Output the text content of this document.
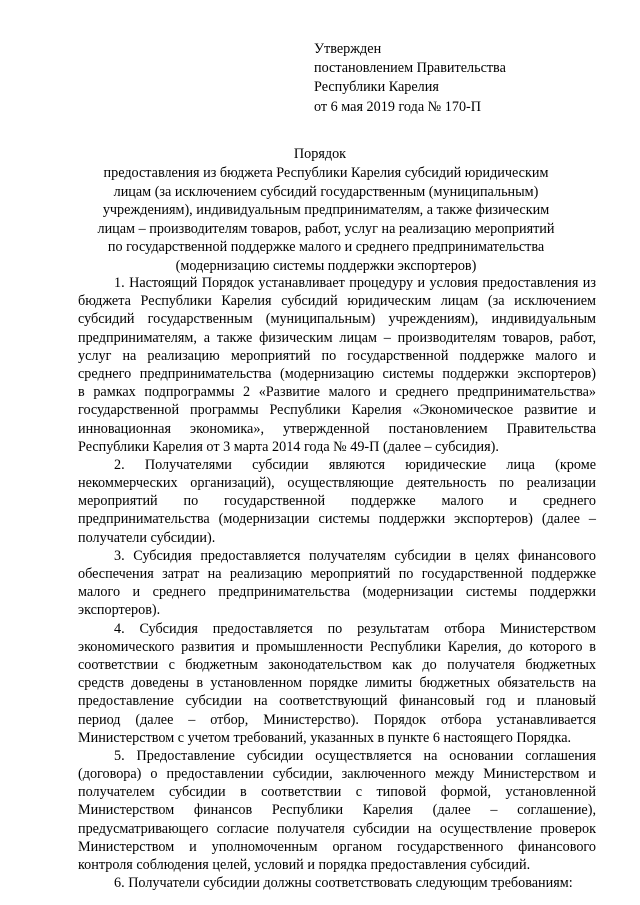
Утвержден
постановлением Правительства
Республики Карелия
от 6 мая 2019 года № 170-П
Порядок
предоставления из бюджета Республики Карелия субсидий юридическим
лицам (за исключением субсидий государственным (муниципальным)
учреждениям), индивидуальным предпринимателям, а также физическим
лицам – производителям товаров, работ, услуг на реализацию мероприятий
по государственной поддержке малого и среднего предпринимательства
(модернизацию системы поддержки экспортеров)
1. Настоящий Порядок устанавливает процедуру и условия предоставления из
бюджета Республики Карелия субсидий юридическим лицам (за исключением
субсидий государственным (муниципальным) учреждениям), индивидуальным
предпринимателям, а также физическим лицам – производителям товаров, работ,
услуг на реализацию мероприятий по государственной поддержке малого и
среднего предпринимательства (модернизацию системы поддержки экспортеров)
в рамках подпрограммы 2 «Развитие малого и среднего предпринимательства»
государственной программы Республики Карелия «Экономическое развитие и
инновационная экономика», утвержденной постановлением Правительства
Республики Карелия от 3 марта 2014 года № 49-П (далее – субсидия).
2. Получателями субсидии являются юридические лица (кроме
некоммерческих организаций), осуществляющие деятельность по реализации
мероприятий по государственной поддержке малого и среднего
предпринимательства (модернизации системы поддержки экспортеров) (далее –
получатели субсидии).
3. Субсидия предоставляется получателям субсидии в целях финансового
обеспечения затрат на реализацию мероприятий по государственной поддержке
малого и среднего предпринимательства (модернизации системы поддержки
экспортеров).
4. Субсидия предоставляется по результатам отбора Министерством
экономического развития и промышленности Республики Карелия, до которого в
соответствии с бюджетным законодательством как до получателя бюджетных
средств доведены в установленном порядке лимиты бюджетных обязательств на
предоставление субсидии на соответствующий финансовый год и плановый
период (далее – отбор, Министерство). Порядок отбора устанавливается
Министерством с учетом требований, указанных в пункте 6 настоящего Порядка.
5. Предоставление субсидии осуществляется на основании соглашения
(договора) о предоставлении субсидии, заключенного между Министерством и
получателем субсидии в соответствии с типовой формой, установленной
Министерством финансов Республики Карелия (далее – соглашение),
предусматривающего согласие получателя субсидии на осуществление проверок
Министерством и уполномоченным органом государственного финансового
контроля соблюдения целей, условий и порядка предоставления субсидий.
6. Получатели субсидии должны соответствовать следующим требованиям:
